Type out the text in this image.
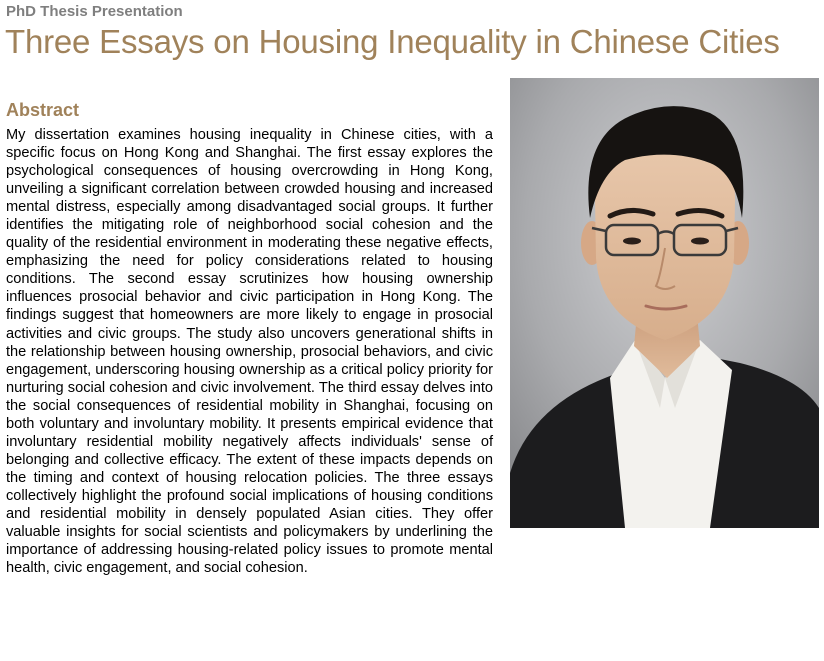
PhD Thesis Presentation
Three Essays on Housing Inequality in Chinese Cities
Abstract

My dissertation examines housing inequality in Chinese cities, with a specific focus on Hong Kong and Shanghai. The first essay explores the psychological consequences of housing overcrowding in Hong Kong, unveiling a significant correlation between crowded housing and increased mental distress, especially among disadvantaged social groups. It further identifies the mitigating role of neighborhood social cohesion and the quality of the residential environment in moderating these negative effects, emphasizing the need for policy considerations related to housing conditions. The second essay scrutinizes how housing ownership influences prosocial behavior and civic participation in Hong Kong. The findings suggest that homeowners are more likely to engage in prosocial activities and civic groups. The study also uncovers generational shifts in the relationship between housing ownership, prosocial behaviors, and civic engagement, underscoring housing ownership as a critical policy priority for nurturing social cohesion and civic involvement. The third essay delves into the social consequences of residential mobility in Shanghai, focusing on both voluntary and involuntary mobility. It presents empirical evidence that involuntary residential mobility negatively affects individuals' sense of belonging and collective efficacy. The extent of these impacts depends on the timing and context of housing relocation policies. The three essays collectively highlight the profound social implications of housing conditions and residential mobility in densely populated Asian cities. They offer valuable insights for social scientists and policymakers by underlining the importance of addressing housing-related policy issues to promote mental health, civic engagement, and social cohesion.
